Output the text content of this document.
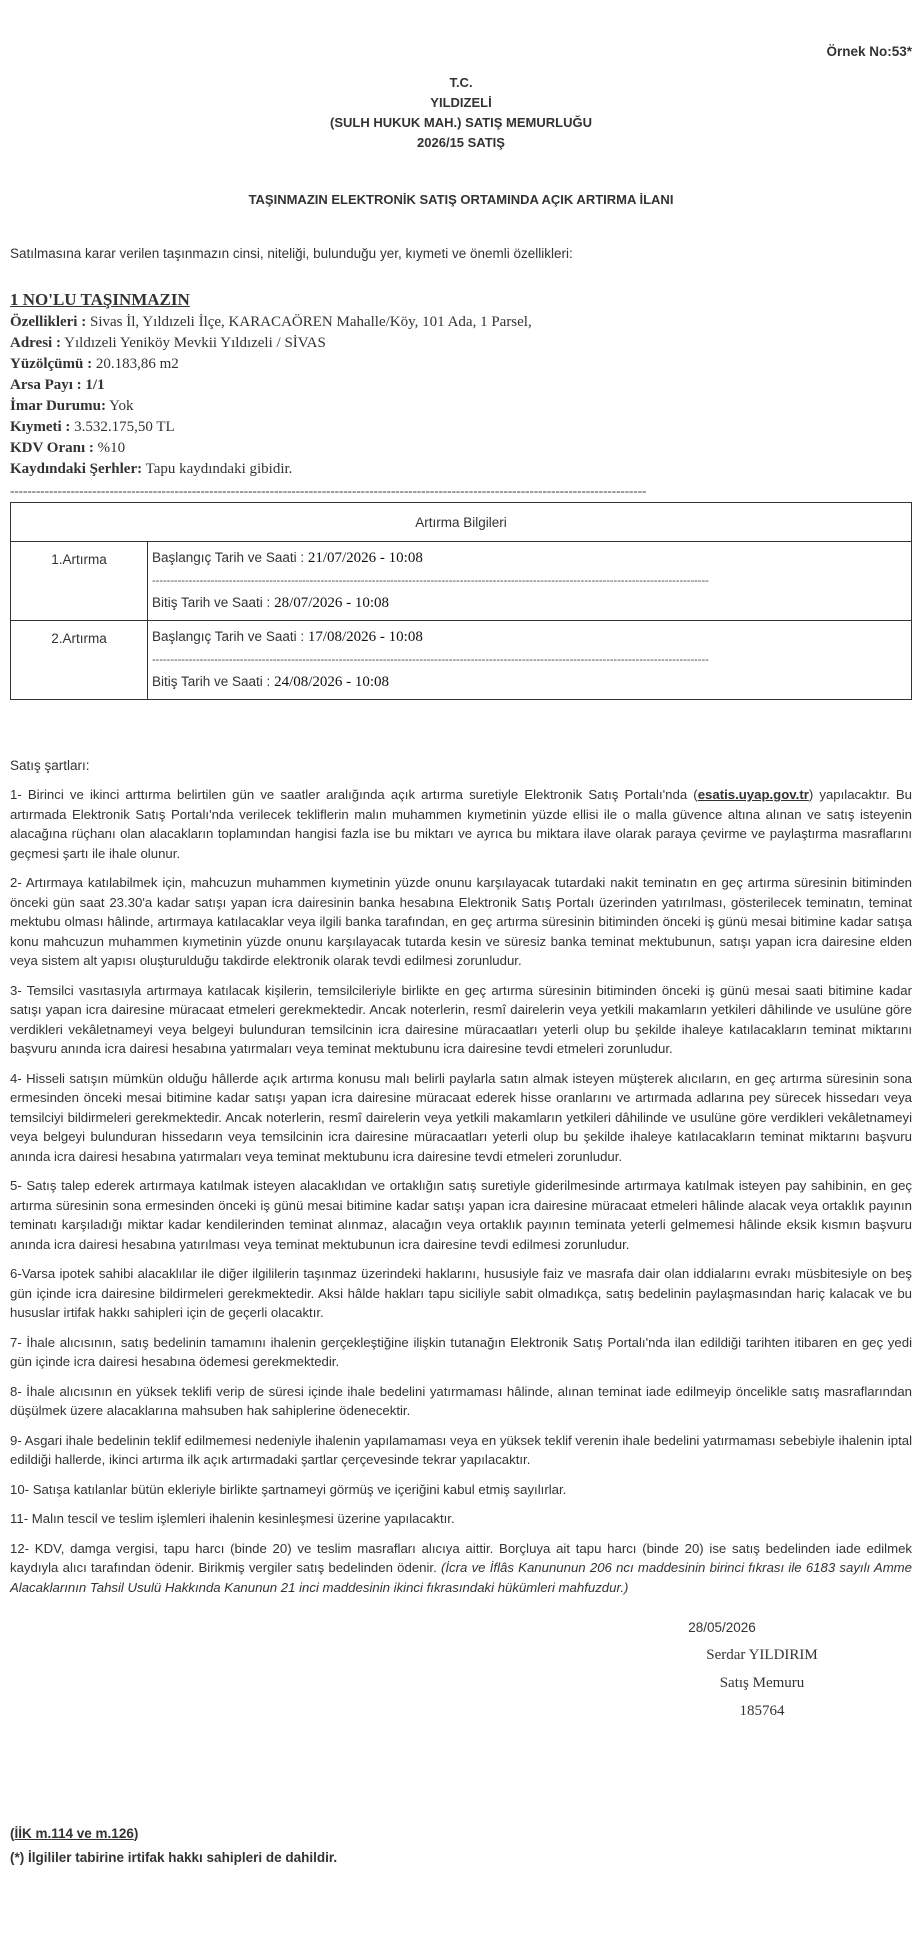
Örnek No:53*
T.C.
YILDIZELİ
(SULH HUKUK MAH.) SATIŞ MEMURLUĞU
2026/15 SATIŞ
TAŞINMAZIN ELEKTRONİK SATIŞ ORTAMINDA AÇIK ARTIRMA İLANI
Satılmasına karar verilen taşınmazın cinsi, niteliği, bulunduğu yer, kıymeti ve önemli özellikleri:
1 NO'LU TAŞINMAZIN
Özellikleri : Sivas İl, Yıldızeli İlçe, KARACAÖREN Mahalle/Köy, 101 Ada, 1 Parsel,
Adresi : Yıldızeli Yeniköy Mevkii Yıldızeli / SİVAS
Yüzölçümü : 20.183,86 m2
Arsa Payı : 1/1
İmar Durumu: Yok
Kıymeti : 3.532.175,50 TL
KDV Oranı : %10
Kaydındaki Şerhler: Tapu kaydındaki gibidir.
---------------------------------------------------------------------------------------------------------------------------------------------------
Artırma Bilgileri	
1.Artırma	Başlangıç Tarih ve Saati : 21/07/2026 - 10:08
--------------------------------------------------------------------------------------------------------------------------------------------------------
Bitiş Tarih ve Saati : 28/07/2026 - 10:08

2.Artırma	Başlangıç Tarih ve Saati : 17/08/2026 - 10:08
--------------------------------------------------------------------------------------------------------------------------------------------------------
Bitiş Tarih ve Saati : 24/08/2026 - 10:08
Satış şartları:

1- Birinci ve ikinci arttırma belirtilen gün ve saatler aralığında açık artırma suretiyle Elektronik Satış Portalı'nda (esatis.uyap.gov.tr) yapılacaktır. Bu artırmada Elektronik Satış Portalı'nda verilecek tekliflerin malın muhammen kıymetinin yüzde ellisi ile o malla güvence altına alınan ve satış isteyenin alacağına rüçhanı olan alacakların toplamından hangisi fazla ise bu miktarı ve ayrıca bu miktara ilave olarak paraya çevirme ve paylaştırma masraflarını geçmesi şartı ile ihale olunur.

2- Artırmaya katılabilmek için, mahcuzun muhammen kıymetinin yüzde onunu karşılayacak tutardaki nakit teminatın en geç artırma süresinin bitiminden önceki gün saat 23.30'a kadar satışı yapan icra dairesinin banka hesabına Elektronik Satış Portalı üzerinden yatırılması, gösterilecek teminatın, teminat mektubu olması hâlinde, artırmaya katılacaklar veya ilgili banka tarafından, en geç artırma süresinin bitiminden önceki iş günü mesai bitimine kadar satışa konu mahcuzun muhammen kıymetinin yüzde onunu karşılayacak tutarda kesin ve süresiz banka teminat mektubunun, satışı yapan icra dairesine elden veya sistem alt yapısı oluşturulduğu takdirde elektronik olarak tevdi edilmesi zorunludur.

3- Temsilci vasıtasıyla artırmaya katılacak kişilerin, temsilcileriyle birlikte en geç artırma süresinin bitiminden önceki iş günü mesai saati bitimine kadar satışı yapan icra dairesine müracaat etmeleri gerekmektedir. Ancak noterlerin, resmî dairelerin veya yetkili makamların yetkileri dâhilinde ve usulüne göre verdikleri vekâletnameyi veya belgeyi bulunduran temsilcinin icra dairesine müracaatları yeterli olup bu şekilde ihaleye katılacakların teminat miktarını başvuru anında icra dairesi hesabına yatırmaları veya teminat mektubunu icra dairesine tevdi etmeleri zorunludur.

4- Hisseli satışın mümkün olduğu hâllerde açık artırma konusu malı belirli paylarla satın almak isteyen müşterek alıcıların, en geç artırma süresinin sona ermesinden önceki mesai bitimine kadar satışı yapan icra dairesine müracaat ederek hisse oranlarını ve artırmada adlarına pey sürecek hissedarı veya temsilciyi bildirmeleri gerekmektedir. Ancak noterlerin, resmî dairelerin veya yetkili makamların yetkileri dâhilinde ve usulüne göre verdikleri vekâletnameyi veya belgeyi bulunduran hissedarın veya temsilcinin icra dairesine müracaatları yeterli olup bu şekilde ihaleye katılacakların teminat miktarını başvuru anında icra dairesi hesabına yatırmaları veya teminat mektubunu icra dairesine tevdi etmeleri zorunludur.

5- Satış talep ederek artırmaya katılmak isteyen alacaklıdan ve ortaklığın satış suretiyle giderilmesinde artırmaya katılmak isteyen pay sahibinin, en geç artırma süresinin sona ermesinden önceki iş günü mesai bitimine kadar satışı yapan icra dairesine müracaat etmeleri hâlinde alacak veya ortaklık payının teminatı karşıladığı miktar kadar kendilerinden teminat alınmaz, alacağın veya ortaklık payının teminata yeterli gelmemesi hâlinde eksik kısmın başvuru anında icra dairesi hesabına yatırılması veya teminat mektubunun icra dairesine tevdi edilmesi zorunludur.

6-Varsa ipotek sahibi alacaklılar ile diğer ilgililerin taşınmaz üzerindeki haklarını, hususiyle faiz ve masrafa dair olan iddialarını evrakı müsbitesiyle on beş gün içinde icra dairesine bildirmeleri gerekmektedir. Aksi hâlde hakları tapu siciliyle sabit olmadıkça, satış bedelinin paylaşmasından hariç kalacak ve bu hususlar irtifak hakkı sahipleri için de geçerli olacaktır.

7- İhale alıcısının, satış bedelinin tamamını ihalenin gerçekleştiğine ilişkin tutanağın Elektronik Satış Portalı'nda ilan edildiği tarihten itibaren en geç yedi gün içinde icra dairesi hesabına ödemesi gerekmektedir.

8- İhale alıcısının en yüksek teklifi verip de süresi içinde ihale bedelini yatırmaması hâlinde, alınan teminat iade edilmeyip öncelikle satış masraflarından düşülmek üzere alacaklarına mahsuben hak sahiplerine ödenecektir.

9- Asgari ihale bedelinin teklif edilmemesi nedeniyle ihalenin yapılamaması veya en yüksek teklif verenin ihale bedelini yatırmaması sebebiyle ihalenin iptal edildiği hallerde, ikinci artırma ilk açık artırmadaki şartlar çerçevesinde tekrar yapılacaktır.

10- Satışa katılanlar bütün ekleriyle birlikte şartnameyi görmüş ve içeriğini kabul etmiş sayılırlar.

11- Malın tescil ve teslim işlemleri ihalenin kesinleşmesi üzerine yapılacaktır.

12- KDV, damga vergisi, tapu harcı (binde 20) ve teslim masrafları alıcıya aittir. Borçluya ait tapu harcı (binde 20) ise satış bedelinden iade edilmek kaydıyla alıcı tarafından ödenir. Birikmiş vergiler satış bedelinden ödenir. (İcra ve İflâs Kanununun 206 ncı maddesinin birinci fıkrası ile 6183 sayılı Amme Alacaklarının Tahsil Usulü Hakkında Kanunun 21 inci maddesinin ikinci fıkrasındaki hükümleri mahfuzdur.)

28/05/2026
Serdar YILDIRIM
Satış Memuru
185764
(İİK m.114 ve m.126)
(*) İlgililer tabirine irtifak hakkı sahipleri de dahildir.
